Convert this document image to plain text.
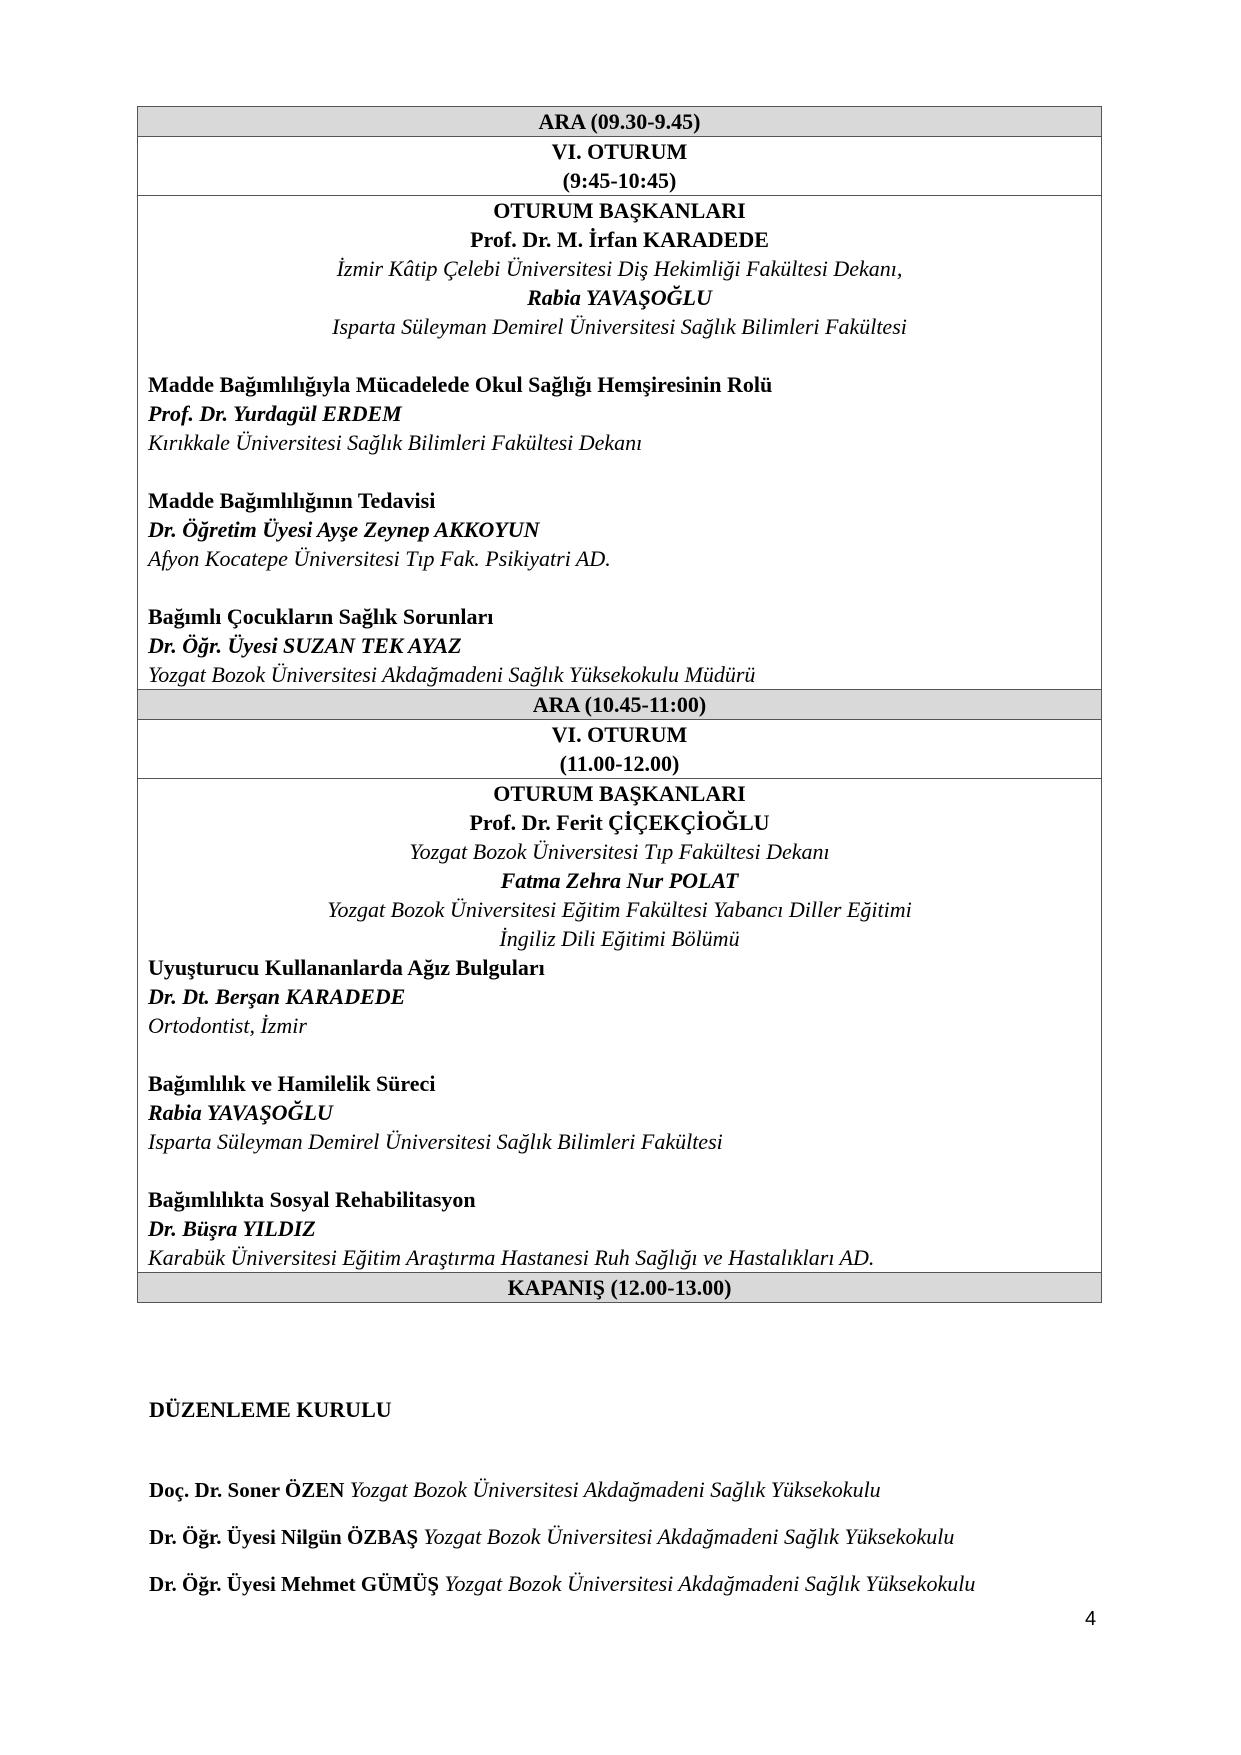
ARA (09.30-9.45)

VI. OTURUM
(9:45-10:45)

OTURUM BAŞKANLARI
Prof. Dr. M. İrfan KARADEDE
İzmir Kâtip Çelebi Üniversitesi Diş Hekimliği Fakültesi Dekanı,
Rabia YAVAŞOĞLU
Isparta Süleyman Demirel Üniversitesi Sağlık Bilimleri Fakültesi
Madde Bağımlılığıyla Mücadelede Okul Sağlığı Hemşiresinin Rolü
Prof. Dr. Yurdagül ERDEM
Kırıkkale Üniversitesi Sağlık Bilimleri Fakültesi Dekanı
Madde Bağımlılığının Tedavisi
Dr. Öğretim Üyesi Ayşe Zeynep AKKOYUN
Afyon Kocatepe Üniversitesi Tıp Fak. Psikiyatri AD.
Bağımlı Çocukların Sağlık Sorunları
Dr. Öğr. Üyesi SUZAN TEK AYAZ
Yozgat Bozok Üniversitesi Akdağmadeni Sağlık Yüksekokulu Müdürü

ARA (10.45-11:00)

VI. OTURUM
(11.00-12.00)

OTURUM BAŞKANLARI
Prof. Dr. Ferit ÇİÇEKÇİOĞLU
Yozgat Bozok Üniversitesi Tıp Fakültesi Dekanı
Fatma Zehra Nur POLAT
Yozgat Bozok Üniversitesi Eğitim Fakültesi Yabancı Diller Eğitimi
İngiliz Dili Eğitimi Bölümü
Uyuşturucu Kullananlarda Ağız Bulguları
Dr. Dt. Berşan KARADEDE
Ortodontist, İzmir
Bağımlılık ve Hamilelik Süreci
Rabia YAVAŞOĞLU
Isparta Süleyman Demirel Üniversitesi Sağlık Bilimleri Fakültesi
Bağımlılıkta Sosyal Rehabilitasyon
Dr. Büşra YILDIZ
Karabük Üniversitesi Eğitim Araştırma Hastanesi Ruh Sağlığı ve Hastalıkları AD.

KAPANIŞ (12.00-13.00)
DÜZENLEME KURULU
Doç. Dr. Soner ÖZEN Yozgat Bozok Üniversitesi Akdağmadeni Sağlık Yüksekokulu
Dr. Öğr. Üyesi Nilgün ÖZBAŞ Yozgat Bozok Üniversitesi Akdağmadeni Sağlık Yüksekokulu
Dr. Öğr. Üyesi Mehmet GÜMÜŞ Yozgat Bozok Üniversitesi Akdağmadeni Sağlık Yüksekokulu
4
